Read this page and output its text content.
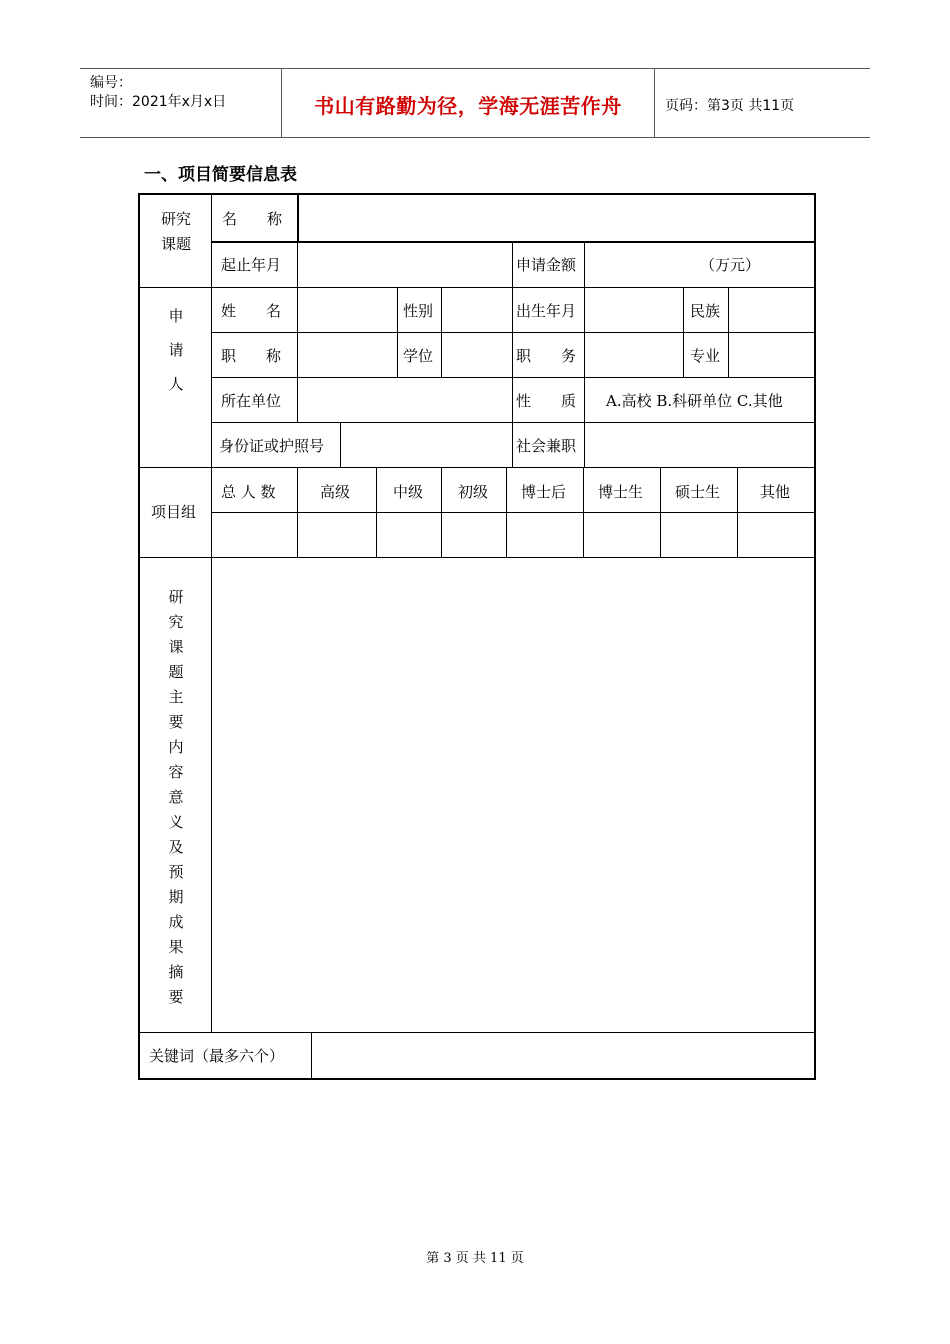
编号：
时间：2021年x月x日	书山有路勤为径，学海无涯苦作舟	页码：第3页 共11页
一、项目简要信息表
研究
课题
名　　称
起止年月	申请金额	（万元）
申

请

人
姓　　名	性别	出生年月	民族
职　　称	学位	职　　务	专业
所在单位	性　　质 A.高校 B.科研单位 C.其他
身份证或护照号	社会兼职
项目组
总 人 数	高级	中级 初级 博士后 博士生 硕士生	其他
研
究
课
题
主
要
内
容
意
义
及
预
期
成
果
摘
要
关键词（最多六个）
第 3 页 共 11 页
